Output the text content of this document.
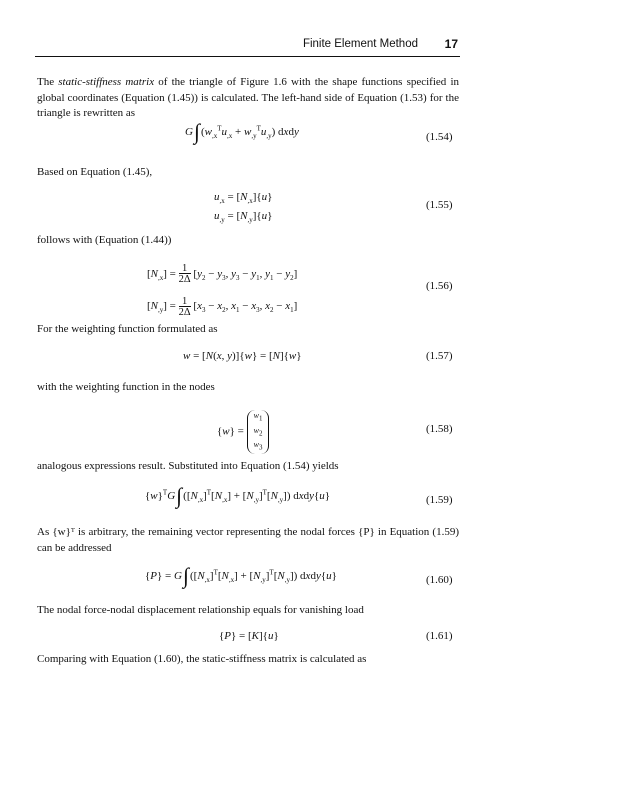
Finite Element Method 17
The static-stiffness matrix of the triangle of Figure 1.6 with the shape functions specified in global coordinates (Equation (1.45)) is calculated. The left-hand side of Equation (1.53) for the triangle is rewritten as
$G\int(w_{,x}^Tu_{,x} + w_{,y}^Tu_{,y})$ dxdy	(1.54)
Based on Equation (1.45),
$u_{,x} = [N_{,x}]\{u\}$
$u_{,y} = [N_{,y}]\{u\}$
(1.55)
follows with (Equation (1.44))
$[N_{,x}] = \frac{1}{2\Delta} [y_2 - y_3$, $y_3 - y_1$, $y_1 - y_2$]
$[N_{,y}] = \frac{1}{2\Delta} [x_3 - x_2$, $x_1 - x_3$, $x_2 - x_1$]
(1.56)
For the weighting function formulated as
w = [N(x, y)]{w} = [N]{w}	(1.57)
with the weighting function in the nodes
$\{w\} = w_1$
$w_2$
$w_3$
(1.58)
analogous expressions result. Substituted into Equation (1.54) yields
$\{w\}^TG\int([N_{,x}]^T[N_{,x}] + [N_{,y}]^T[N_{,y}])$ dxdy{u}	(1.59)
As {w}ᵀ is arbitrary, the remaining vector representing the nodal forces {P} in Equation (1.59) can be addressed
$\{P\} = G\int([N_{,x}]^T[N_{,x}] + [N_{,y}]^T[N_{,y}])$ dxdy{u}	(1.60)
The nodal force-nodal displacement relationship equals for vanishing load
{P} = [K]{u}	(1.61)
Comparing with Equation (1.60), the static-stiffness matrix is calculated as
